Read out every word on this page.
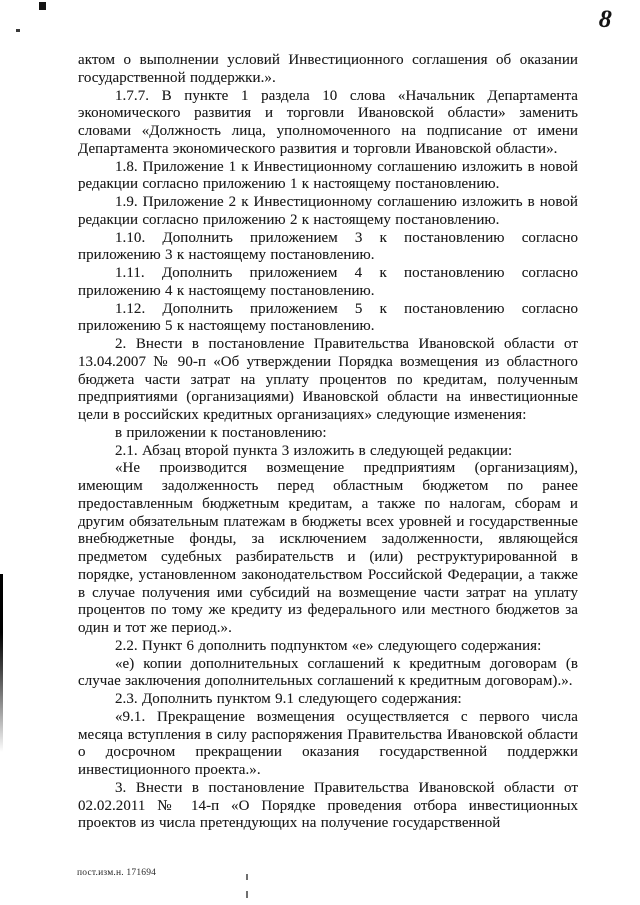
8

актом о выполнении условий Инвестиционного соглашения об оказании государственной поддержки.».

1.7.7. В пункте 1 раздела 10 слова «Начальник Департамента экономического развития и торговли Ивановской области» заменить словами «Должность лица, уполномоченного на подписание от имени Департамента экономического развития и торговли Ивановской области».

1.8. Приложение 1 к Инвестиционному соглашению изложить в новой редакции согласно приложению 1 к настоящему постановлению.

1.9. Приложение 2 к Инвестиционному соглашению изложить в новой редакции согласно приложению 2 к настоящему постановлению.

1.10. Дополнить приложением 3 к постановлению согласно приложению 3 к настоящему постановлению.

1.11. Дополнить приложением 4 к постановлению согласно приложению 4 к настоящему постановлению.

1.12. Дополнить приложением 5 к постановлению согласно приложению 5 к настоящему постановлению.

2. Внести в постановление Правительства Ивановской области от 13.04.2007 № 90-п «Об утверждении Порядка возмещения из областного бюджета части затрат на уплату процентов по кредитам, полученным предприятиями (организациями) Ивановской области на инвестиционные цели в российских кредитных организациях» следующие изменения:

в приложении к постановлению:

2.1. Абзац второй пункта 3 изложить в следующей редакции:

«Не производится возмещение предприятиям (организациям), имеющим задолженность перед областным бюджетом по ранее предоставленным бюджетным кредитам, а также по налогам, сборам и другим обязательным платежам в бюджеты всех уровней и государственные внебюджетные фонды, за исключением задолженности, являющейся предметом судебных разбирательств и (или) реструктурированной в порядке, установленном законодательством Российской Федерации, а также в случае получения ими субсидий на возмещение части затрат на уплату процентов по тому же кредиту из федерального или местного бюджетов за один и тот же период.».

2.2. Пункт 6 дополнить подпунктом «е» следующего содержания:

«е) копии дополнительных соглашений к кредитным договорам (в случае заключения дополнительных соглашений к кредитным договорам).».

2.3. Дополнить пунктом 9.1 следующего содержания:

«9.1. Прекращение возмещения осуществляется с первого числа месяца вступления в силу распоряжения Правительства Ивановской области о досрочном прекращении оказания государственной поддержки инвестиционного проекта.».

3. Внести в постановление Правительства Ивановской области от 02.02.2011 № 14-п «О Порядке проведения отбора инвестиционных проектов из числа претендующих на получение государственной

пост.изм.н. 171694
